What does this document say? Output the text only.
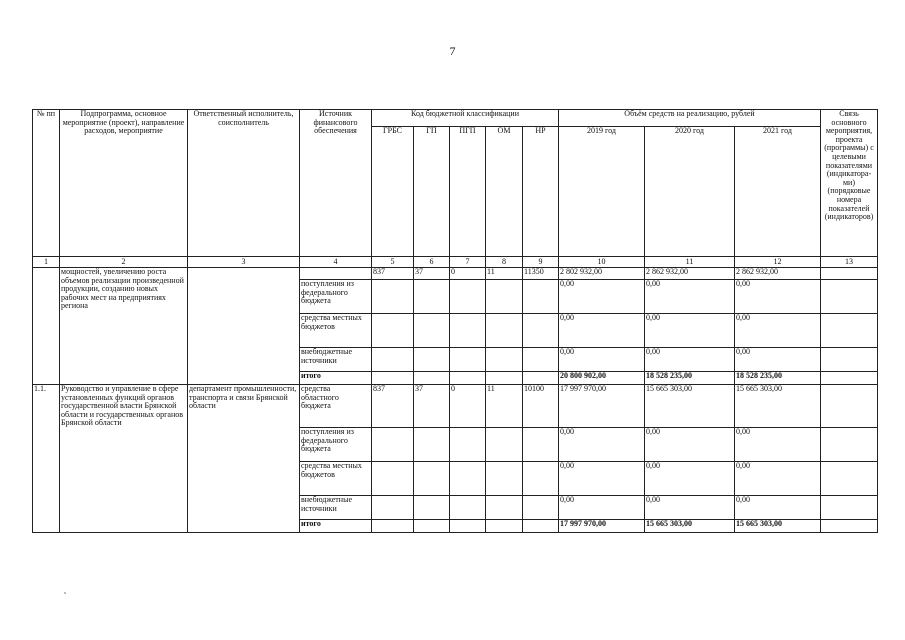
7
№ пп	Подпрограмма, основное мероприятие (проект), направление расходов, мероприятие	Ответственный исполнитель, соисполнитель	Источник финансового обеспечения	Код бюджетной классификации					Объём средств на реализацию, рублей			Связь основного мероприятия, проекта (программы) с целевыми показателями (индикатора-ми) (порядковые номера показателей (индикаторов)
				ГРБС	ГП	ПГП	ОМ	НР	2019 год	2020 год	2021 год	
1	2	3	4	5	6	7	8	9	10	11	12	13
	мощностей, увеличению роста объемов реализации произведенной продукции, созданию новых рабочих мест на предприятиях региона			837	37	0	11	11350	2 802 932,00	2 862 932,00	2 862 932,00	
			поступления из федерального бюджета						0,00	0,00	0,00	
			средства местных бюджетов						0,00	0,00	0,00	
			внебюджетные источники						0,00	0,00	0,00	
			итого						20 800 902,00	18 528 235,00	18 528 235,00	
1.1.	Руководство и управление в сфере установленных функций органов государственной власти Брянской области и государственных органов Брянской области	департамент промышленности, транспорта и связи Брянской области	средства областного бюджета	837	37	0	11	10100	17 997 970,00	15 665 303,00	15 665 303,00	
			поступления из федерального бюджета						0,00	0,00	0,00	
			средства местных бюджетов						0,00	0,00	0,00	
			внебюджетные источники						0,00	0,00	0,00	
			итого						17 997 970,00	15 665 303,00	15 665 303,00	
